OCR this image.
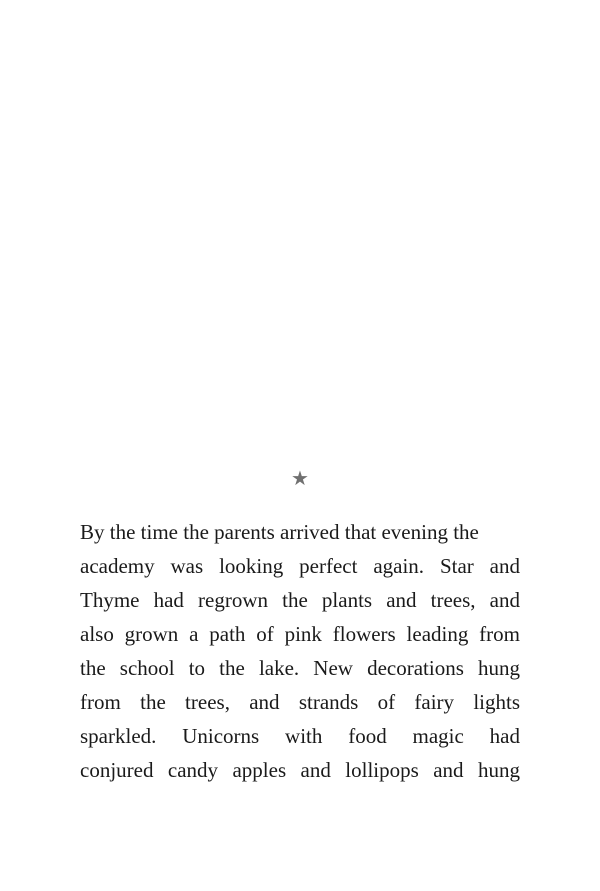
★
By the time the parents arrived that evening the
academy was looking perfect again. Star and
Thyme had regrown the plants and trees, and
also grown a path of pink flowers leading from
the school to the lake. New decorations hung
from the trees, and strands of fairy lights
sparkled. Unicorns with food magic had
conjured candy apples and lollipops and hung
